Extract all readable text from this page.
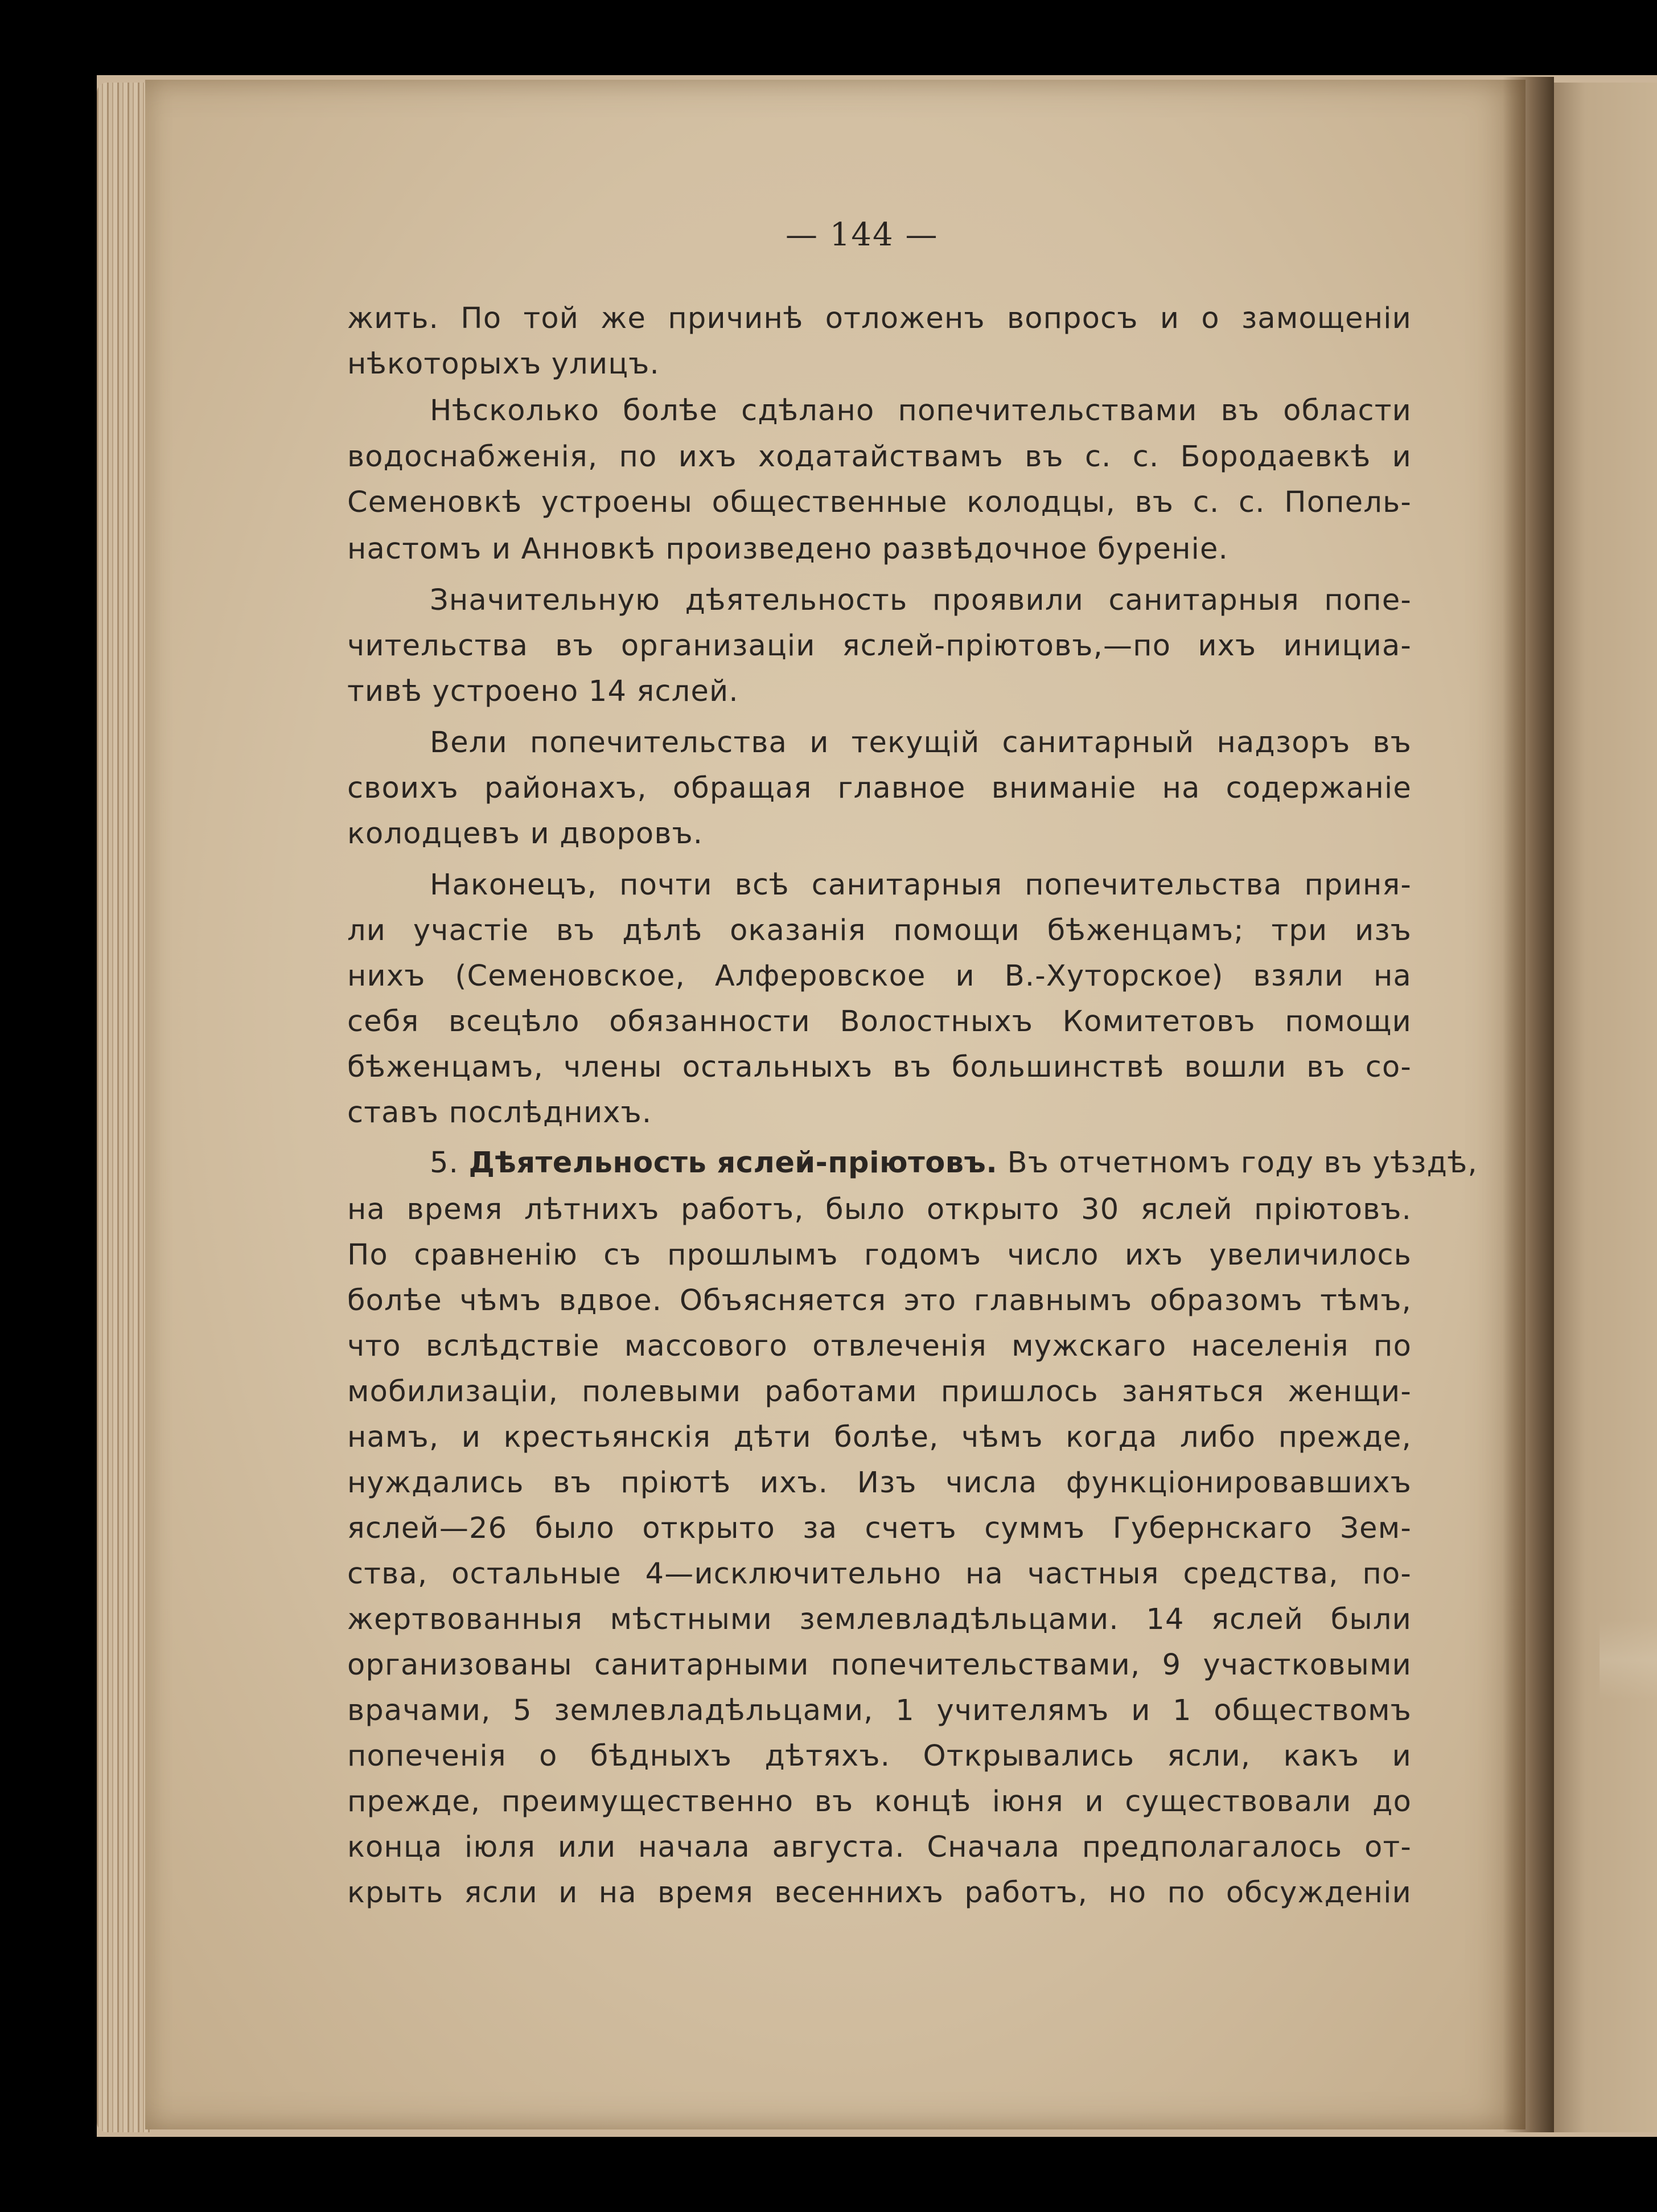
— 144 —
жить. По той же причинѣ отложенъ вопросъ и о замощенiи
нѣкоторыхъ улицъ.
Нѣсколько болѣе сдѣлано попечительствами въ области
водоснабженiя, по ихъ ходатайствамъ въ с. с. Бородаевкѣ и
Семеновкѣ устроены общественные колодцы, въ с. с. Попель-
настомъ и Анновкѣ произведено развѣдочное буренiе.
Значительную дѣятельность проявили санитарныя попе-
чительства въ организацiи яслей-прiютовъ,—по ихъ инициа-
тивѣ устроено 14 яслей.
Вели попечительства и текущiй санитарный надзоръ въ
своихъ районахъ, обращая главное вниманiе на содержанiе
колодцевъ и дворовъ.
Наконецъ, почти всѣ санитарныя попечительства приня-
ли участiе въ дѣлѣ оказанiя помощи бѣженцамъ; три изъ
нихъ (Семеновское, Алферовское и В.-Хуторское) взяли на
себя всецѣло обязанности Волостныхъ Комитетовъ помощи
бѣженцамъ, члены остальныхъ въ большинствѣ вошли въ со-
ставъ послѣднихъ.
5. Дѣятельность яслей-прiютовъ. Въ отчетномъ году въ уѣздѣ,
на время лѣтнихъ работъ, было открыто 30 яслей прiютовъ.
По сравненiю съ прошлымъ годомъ число ихъ увеличилось
болѣе чѣмъ вдвое. Объясняется это главнымъ образомъ тѣмъ,
что вслѣдствiе массового отвлеченiя мужскаго населенiя по
мобилизацiи, полевыми работами пришлось заняться женщи-
намъ, и крестьянскiя дѣти болѣе, чѣмъ когда либо прежде,
нуждались въ прiютѣ ихъ. Изъ числа функцiонировавшихъ
яслей—26 было открыто за счетъ суммъ Губернскаго Зем-
ства, остальные 4—исключительно на частныя средства, по-
жертвованныя мѣстными землевладѣльцами. 14 яслей были
организованы санитарными попечительствами, 9 участковыми
врачами, 5 землевладѣльцами, 1 учителямъ и 1 обществомъ
попеченiя о бѣдныхъ дѣтяхъ. Открывались ясли, какъ и
прежде, преимущественно въ концѣ iюня и существовали до
конца iюля или начала августа. Сначала предполагалось от-
крыть ясли и на время весеннихъ работъ, но по обсужденiи
